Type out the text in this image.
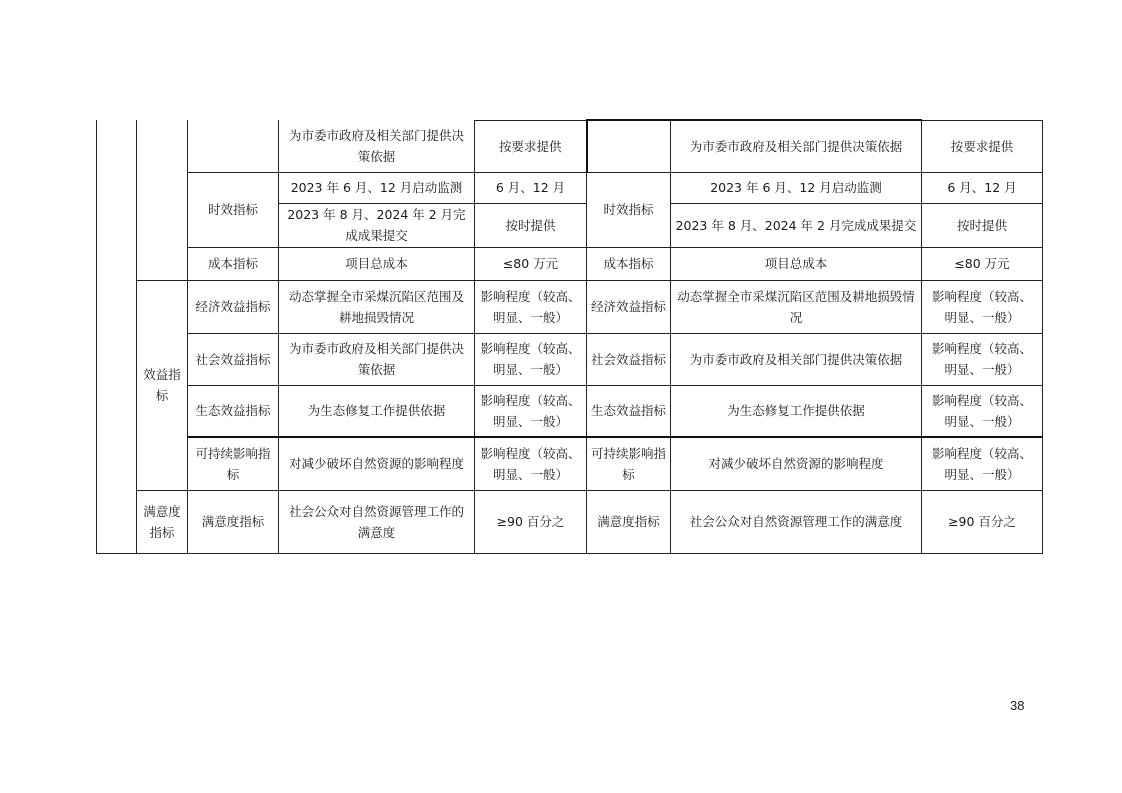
			为市委市政府及相关部门提供决策依据	按要求提供		为市委市政府及相关部门提供决策依据	按要求提供
		时效指标	2023 年 6 月、12 月启动监测	6 月、12 月	时效指标	2023 年 6 月、12 月启动监测	6 月、12 月
			2023 年 8 月、2024 年 2 月完成成果提交	按时提供		2023 年 8 月、2024 年 2 月完成成果提交	按时提供
		成本指标	项目总成本	≤80 万元	成本指标	项目总成本	≤80 万元
	效益指标	经济效益指标	动态掌握全市采煤沉陷区范围及耕地损毁情况	影响程度（较高、明显、一般）	经济效益指标	动态掌握全市采煤沉陷区范围及耕地损毁情况	影响程度（较高、明显、一般）
		社会效益指标	为市委市政府及相关部门提供决策依据	影响程度（较高、明显、一般）	社会效益指标	为市委市政府及相关部门提供决策依据	影响程度（较高、明显、一般）
		生态效益指标	为生态修复工作提供依据	影响程度（较高、明显、一般）	生态效益指标	为生态修复工作提供依据	影响程度（较高、明显、一般）
		可持续影响指标	对减少破坏自然资源的影响程度	影响程度（较高、明显、一般）	可持续影响指标	对减少破坏自然资源的影响程度	影响程度（较高、明显、一般）
	满意度指标	满意度指标	社会公众对自然资源管理工作的满意度	≥90 百分之	满意度指标	社会公众对自然资源管理工作的满意度	≥90 百分之
38
